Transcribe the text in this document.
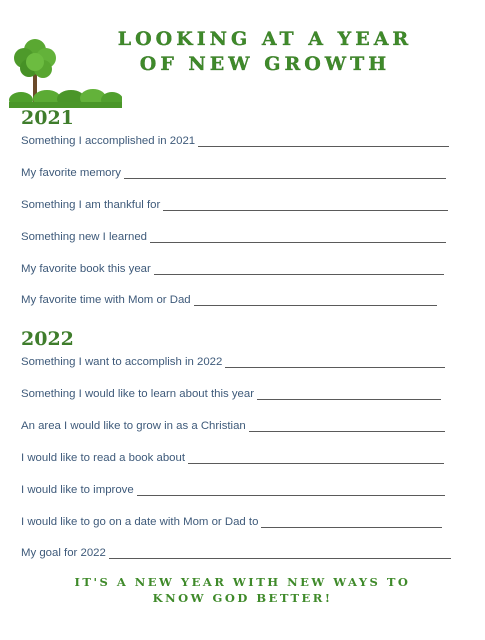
LOOKING AT A YEAR
OF NEW GROWTH
2021
Something I accomplished in 2021
My favorite memory
Something I am thankful for
Something new I learned
My favorite book this year
My favorite time with Mom or Dad
2022
Something I want to accomplish in 2022
Something I would like to learn about this year
An area I would like to grow in as a Christian
I would like to read a book about
I would like to improve
I would like to go on a date with Mom or Dad to
My goal for 2022
IT'S A NEW YEAR WITH NEW WAYS TO
KNOW GOD BETTER!
